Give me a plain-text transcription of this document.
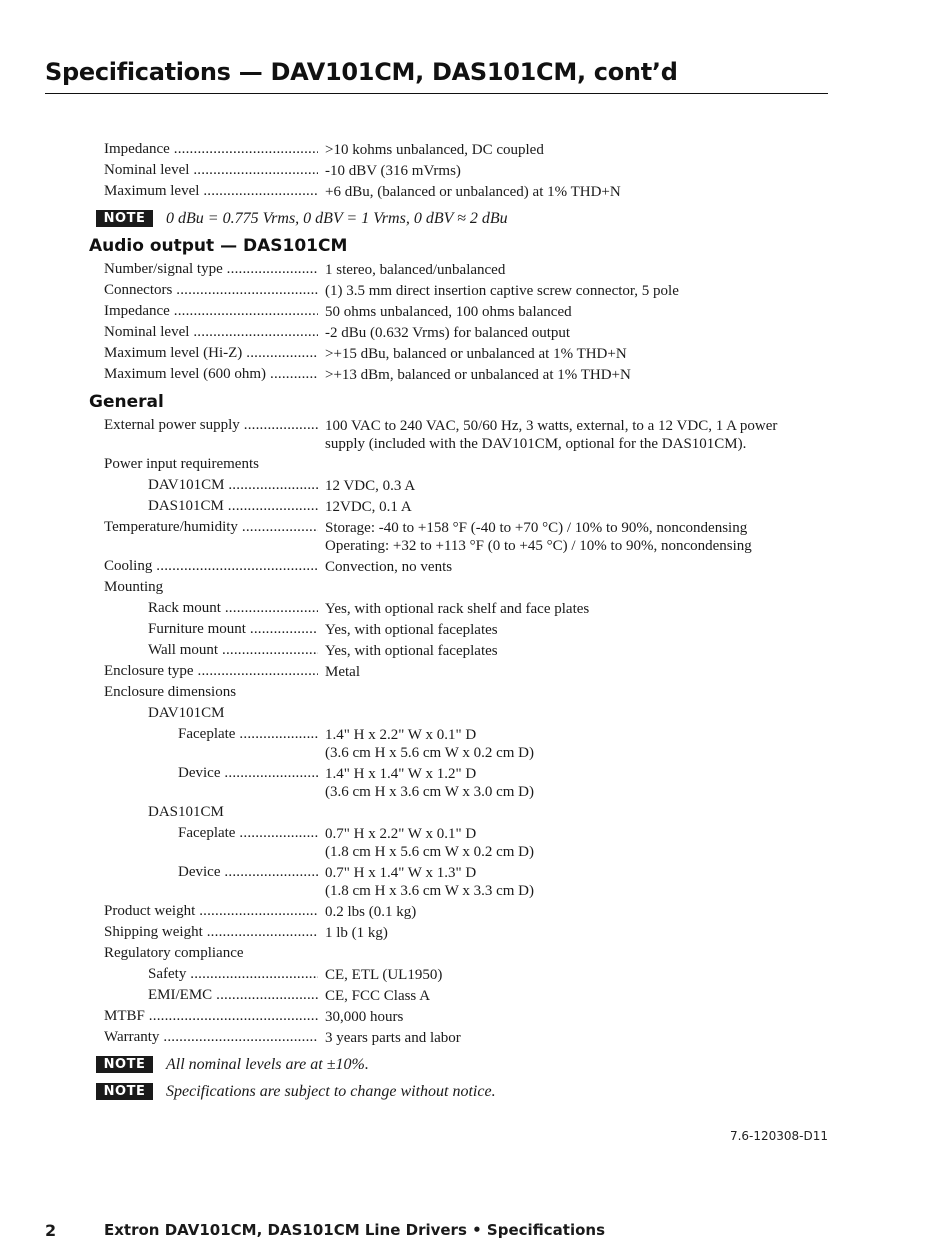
Specifications — DAV101CM, DAS101CM, cont’d
Impedance .....	>10 kohms unbalanced, DC coupled
Nominal level .....	-10 dBV (316 mVrms)
Maximum level .....	+6 dBu, (balanced or unbalanced) at 1% THD+N
NOTE	0 dBu = 0.775 Vrms, 0 dBV = 1 Vrms, 0 dBV ≈ 2 dBu
Audio output — DAS101CM
Number/signal type .....	1 stereo, balanced/unbalanced
Connectors .....	(1) 3.5 mm direct insertion captive screw connector, 5 pole
Impedance .....	50 ohms unbalanced, 100 ohms balanced
Nominal level .....	-2 dBu (0.632 Vrms) for balanced output
Maximum level (Hi-Z) .....	>+15 dBu, balanced or unbalanced at 1% THD+N
Maximum level (600 ohm) .....	>+13 dBm, balanced or unbalanced at 1% THD+N
General
External power supply .....	100 VAC to 240 VAC, 50/60 Hz, 3 watts, external, to a 12 VDC, 1 A power
supply (included with the DAV101CM, optional for the DAS101CM).
Power input requirements
DAV101CM .....	12 VDC, 0.3 A
DAS101CM .....	12VDC, 0.1 A
Temperature/humidity .....	Storage: -40 to +158 °F (-40 to +70 °C) / 10% to 90%, noncondensing
Operating: +32 to +113 °F (0 to +45 °C) / 10% to 90%, noncondensing
Cooling .....	Convection, no vents
Mounting
Rack mount .....	Yes, with optional rack shelf and face plates
Furniture mount .....	Yes, with optional faceplates
Wall mount .....	Yes, with optional faceplates
Enclosure type .....	Metal
Enclosure dimensions
DAV101CM
Faceplate .....	1.4" H x 2.2" W x 0.1" D
(3.6 cm H x 5.6 cm W x 0.2 cm D)
Device .....	1.4" H x 1.4" W x 1.2" D
(3.6 cm H x 3.6 cm W x 3.0 cm D)
DAS101CM
Faceplate .....	0.7" H x 2.2" W x 0.1" D
(1.8 cm H x 5.6 cm W x 0.2 cm D)
Device .....	0.7" H x 1.4" W x 1.3" D
(1.8 cm H x 3.6 cm W x 3.3 cm D)
Product weight .....	0.2 lbs (0.1 kg)
Shipping weight .....	1 lb (1 kg)
Regulatory compliance
Safety .....	CE, ETL (UL1950)
EMI/EMC .....	CE, FCC Class A
MTBF .....	30,000 hours
Warranty .....	3 years parts and labor
NOTE	All nominal levels are at ±10%.
NOTE	Specifications are subject to change without notice.
7.6-120308-D11
2	Extron DAV101CM, DAS101CM Line Drivers • Specifications
